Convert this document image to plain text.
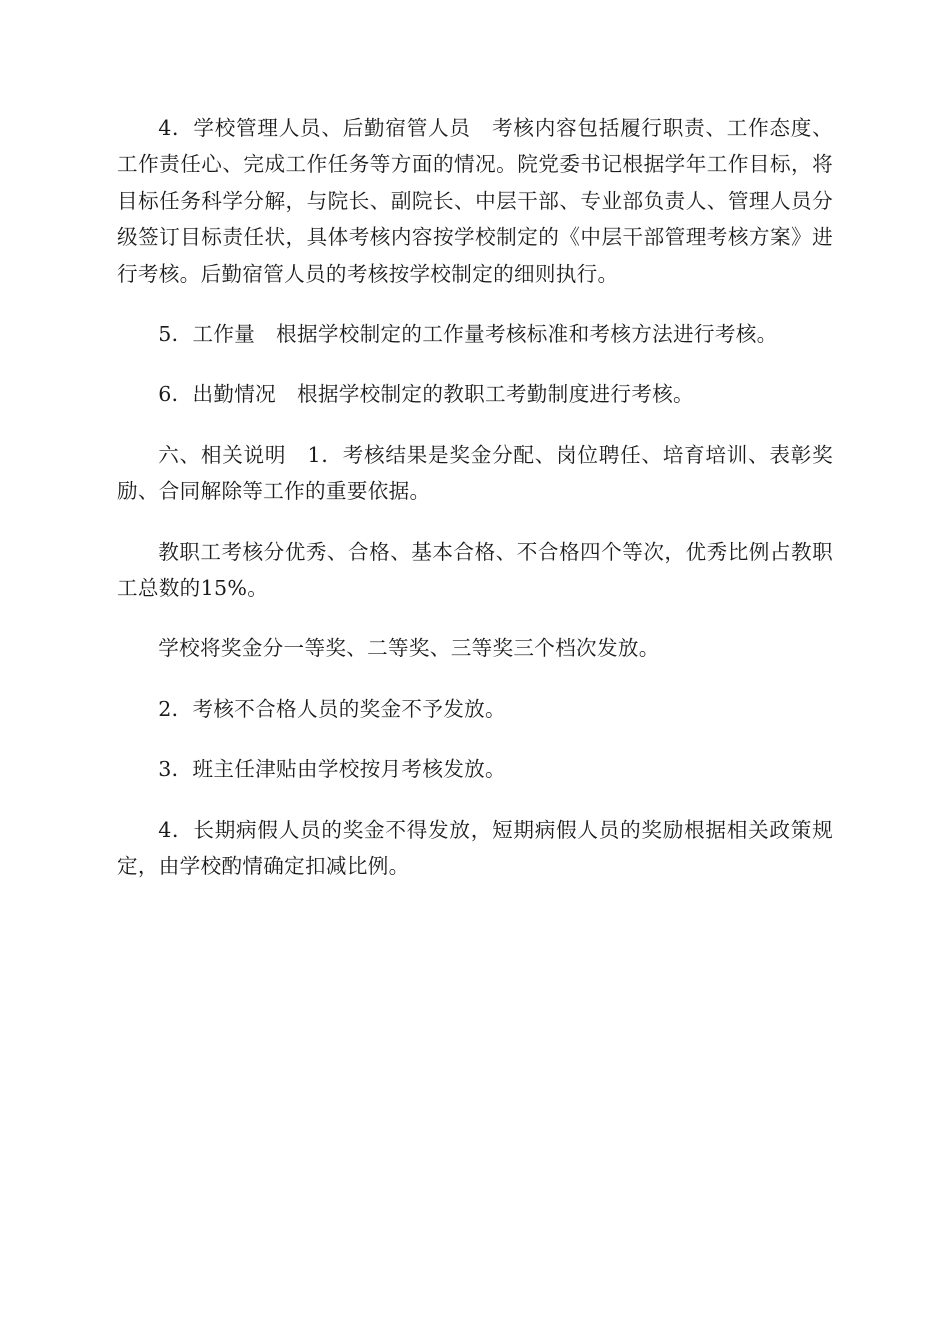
4．学校管理人员、后勤宿管人员　考核内容包括履行职责、工作态度、工作责任心、完成工作任务等方面的情况。院党委书记根据学年工作目标，将目标任务科学分解，与院长、副院长、中层干部、专业部负责人、管理人员分级签订目标责任状，具体考核内容按学校制定的《中层干部管理考核方案》进行考核。后勤宿管人员的考核按学校制定的细则执行。

5．工作量　根据学校制定的工作量考核标准和考核方法进行考核。

6．出勤情况　根据学校制定的教职工考勤制度进行考核。

六、相关说明　1．考核结果是奖金分配、岗位聘任、培育培训、表彰奖励、合同解除等工作的重要依据。

教职工考核分优秀、合格、基本合格、不合格四个等次，优秀比例占教职工总数的15%。

学校将奖金分一等奖、二等奖、三等奖三个档次发放。

2．考核不合格人员的奖金不予发放。

3．班主任津贴由学校按月考核发放。

4．长期病假人员的奖金不得发放，短期病假人员的奖励根据相关政策规定，由学校酌情确定扣减比例。
